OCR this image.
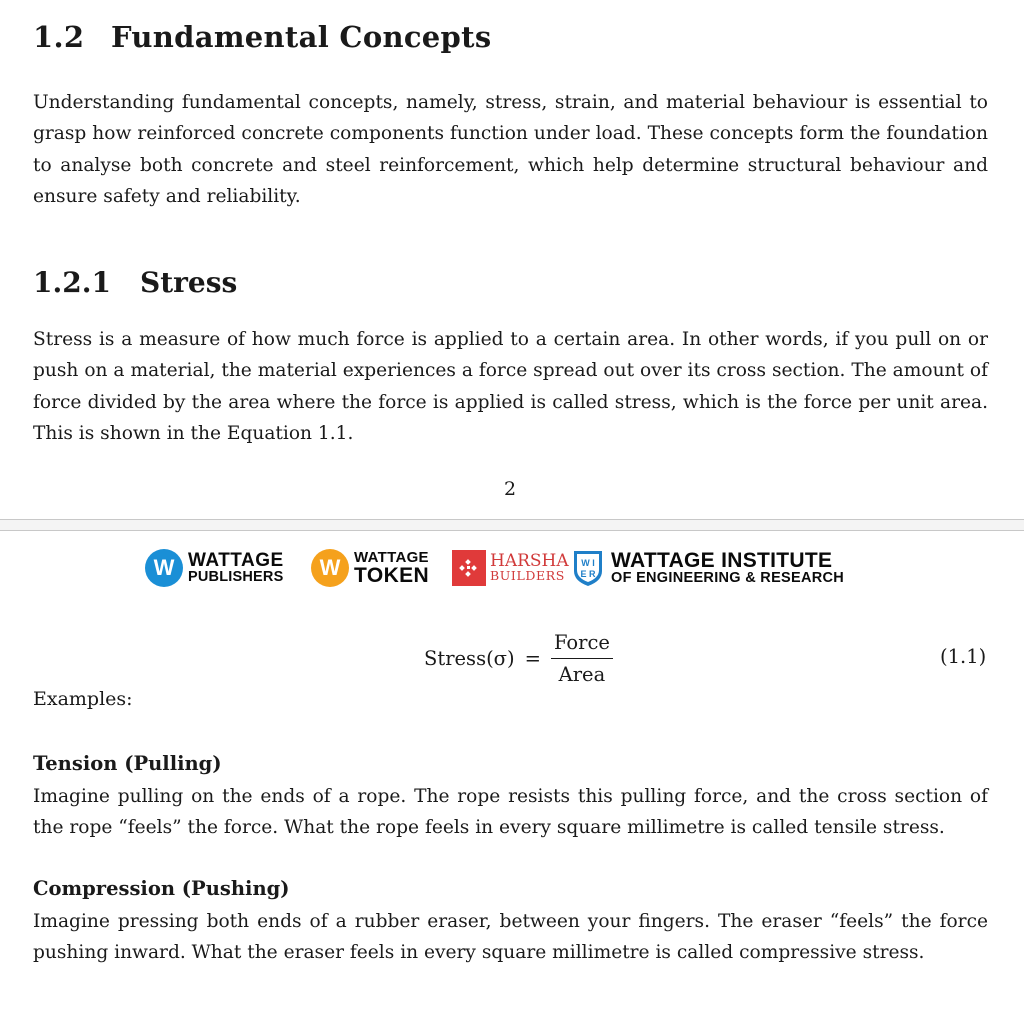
1.2 Fundamental Concepts

Understanding fundamental concepts, namely, stress, strain, and material behaviour is essential to grasp how reinforced concrete components function under load. These concepts form the foundation to analyse both concrete and steel reinforcement, which help determine structural behaviour and ensure safety and reliability.

1.2.1 Stress

Stress is a measure of how much force is applied to a certain area. In other words, if you pull on or push on a material, the material experiences a force spread out over its cross section. The amount of force divided by the area where the force is applied is called stress, which is the force per unit area. This is shown in the Equation 1.1.

2
W WATTAGE
PUBLISHERS	W WATTAGE
TOKEN
HARSHA
BUILDERS
W I
E R
WATTAGE INSTITUTE
OF ENGINEERING & RESEARCH
Stress(σ) = $\frac{\text{Force}}{\text{Area}}$	(1.1)
Examples:
Tension (Pulling)

Imagine pulling on the ends of a rope. The rope resists this pulling force, and the cross section of the rope “feels” the force. What the rope feels in every square millimetre is called tensile stress.

Compression (Pushing)

Imagine pressing both ends of a rubber eraser, between your fingers. The eraser “feels” the force pushing inward. What the eraser feels in every square millimetre is called compressive stress.
